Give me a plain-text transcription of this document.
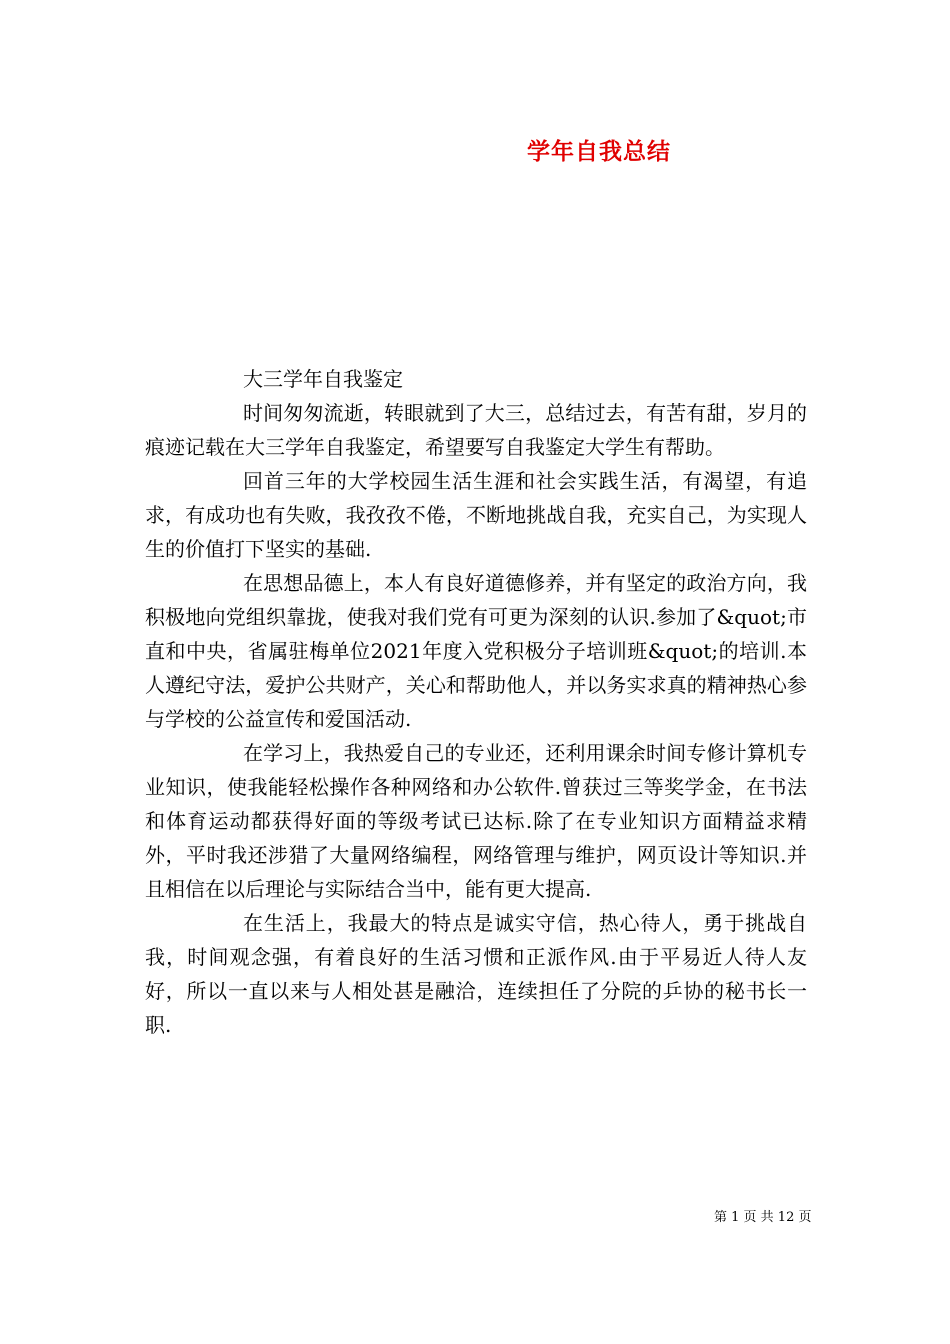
学年自我总结
大三学年自我鉴定

时间匆匆流逝，转眼就到了大三，总结过去，有苦有甜，岁月的痕迹记载在大三学年自我鉴定，希望要写自我鉴定大学生有帮助。

回首三年的大学校园生活生涯和社会实践生活，有渴望，有追求，有成功也有失败，我孜孜不倦，不断地挑战自我，充实自己，为实现人生的价值打下坚实的基础.

在思想品德上，本人有良好道德修养，并有坚定的政治方向，我积极地向党组织靠拢，使我对我们党有可更为深刻的认识.参加了&quot;市直和中央，省属驻梅单位2021年度入党积极分子培训班&quot;的培训.本人遵纪守法，爱护公共财产，关心和帮助他人，并以务实求真的精神热心参与学校的公益宣传和爱国活动.

在学习上，我热爱自己的专业还，还利用课余时间专修计算机专业知识，使我能轻松操作各种网络和办公软件.曾获过三等奖学金，在书法和体育运动都获得好面的等级考试已达标.除了在专业知识方面精益求精外，平时我还涉猎了大量网络编程，网络管理与维护，网页设计等知识.并且相信在以后理论与实际结合当中，能有更大提高.

在生活上，我最大的特点是诚实守信，热心待人，勇于挑战自我，时间观念强，有着良好的生活习惯和正派作风.由于平易近人待人友好，所以一直以来与人相处甚是融洽，连续担任了分院的乒协的秘书长一职.

第 1 页 共 12 页
